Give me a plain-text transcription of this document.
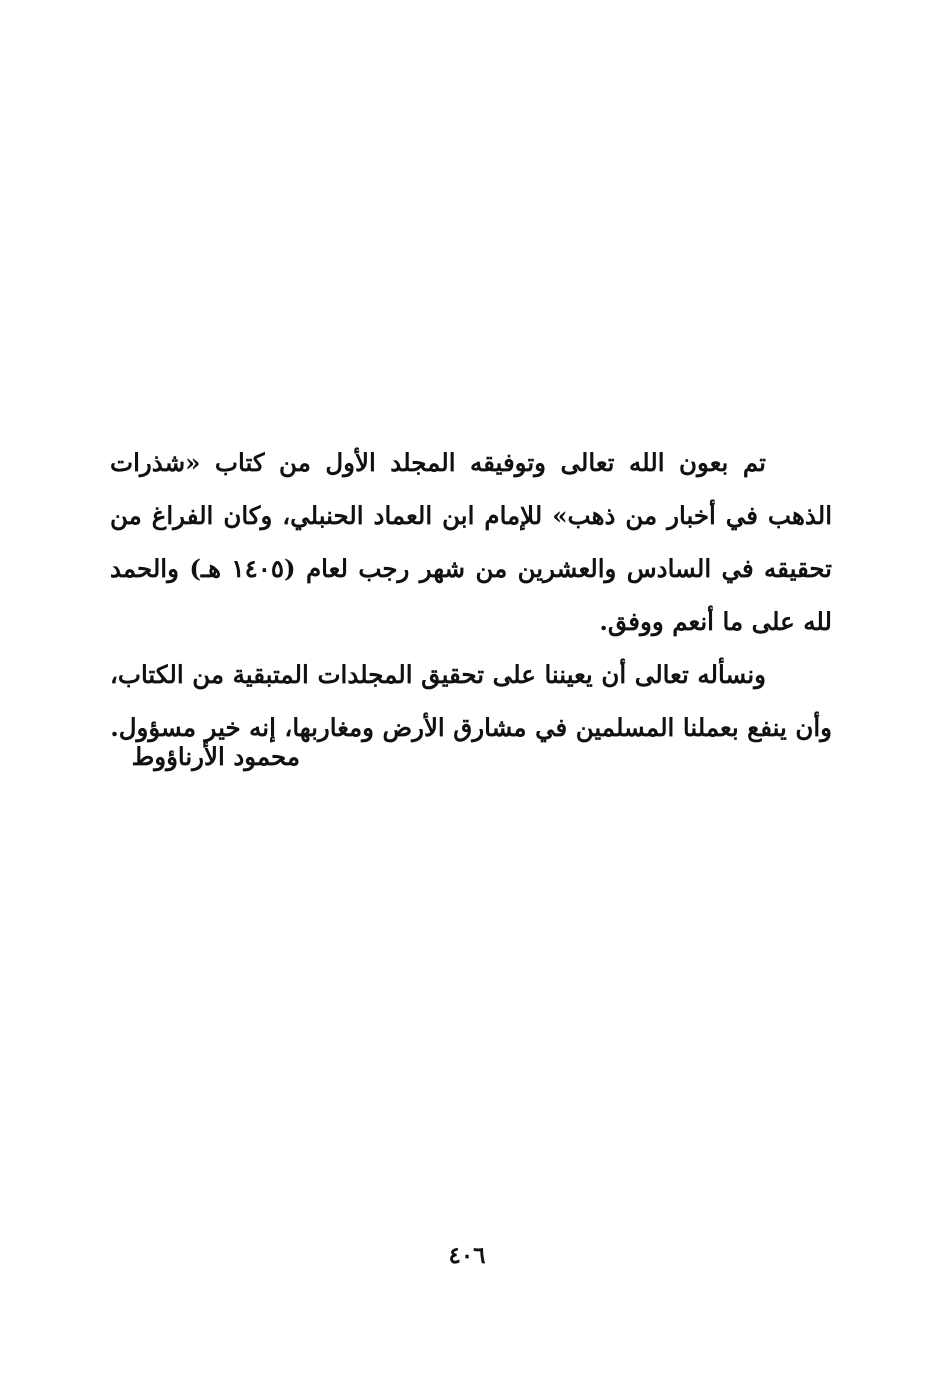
تم بعون الله تعالى وتوفيقه المجلد الأول من كتاب «شذرات الذهب في أخبار من ذهب» للإمام ابن العماد الحنبلي، وكان الفراغ من تحقيقه في السادس والعشرين من شهر رجب لعام (١٤٠٥ هـ) والحمد لله على ما أنعم ووفق.

ونسأله تعالى أن يعيننا على تحقيق المجلدات المتبقية من الكتاب، وأن ينفع بعملنا المسلمين في مشارق الأرض ومغاربها، إنه خير مسؤول.

محمود الأرناؤوط
٤٠٦
